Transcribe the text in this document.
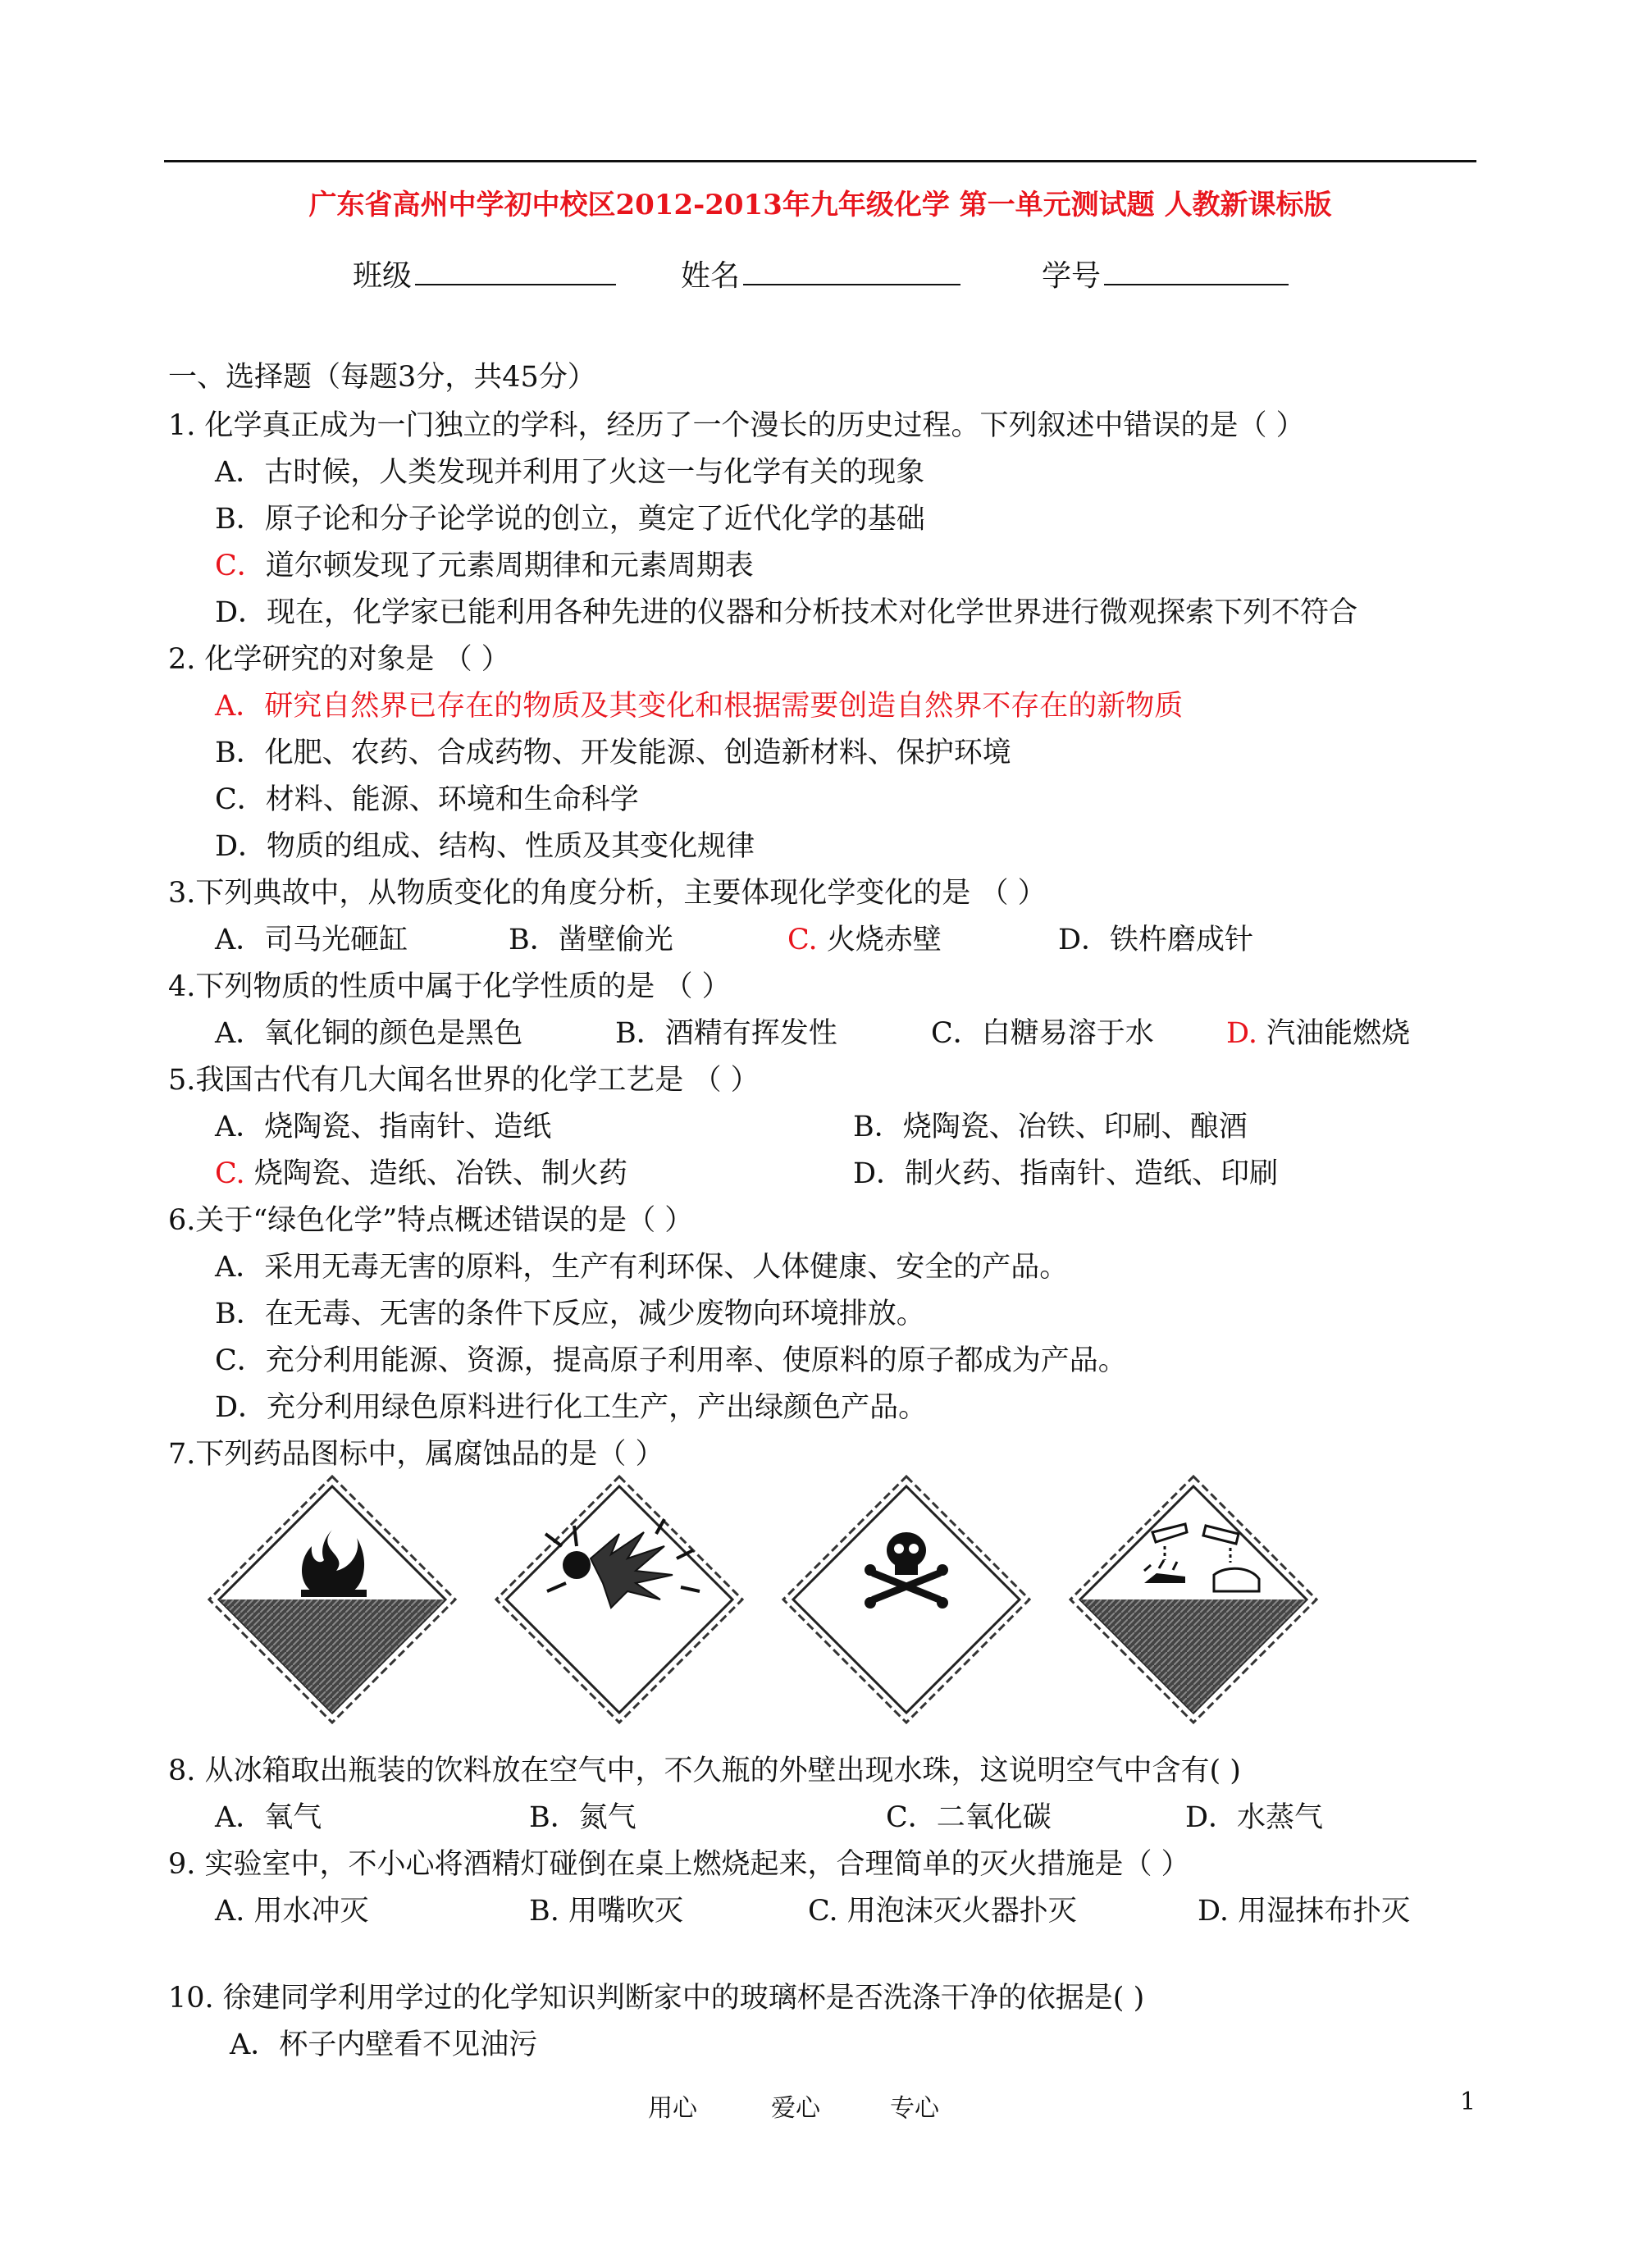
广东省高州中学初中校区2012-2013年九年级化学 第一单元测试题 人教新课标版
班级	姓名	学号
一、选择题（每题3分，共45分）
1. 化学真正成为一门独立的学科，经历了一个漫长的历史过程。下列叙述中错误的是（ ）
A．古时候，人类发现并利用了火这一与化学有关的现象
B．原子论和分子论学说的创立，奠定了近代化学的基础
C．道尔顿发现了元素周期律和元素周期表
D．现在，化学家已能利用各种先进的仪器和分析技术对化学世界进行微观探索下列不符合
2. 化学研究的对象是 （ ）
A．研究自然界已存在的物质及其变化和根据需要创造自然界不存在的新物质
B．化肥、农药、合成药物、开发能源、创造新材料、保护环境
C．材料、能源、环境和生命科学
D．物质的组成、结构、性质及其变化规律
3.下列典故中，从物质变化的角度分析，主要体现化学变化的是 （ ）
A．司马光砸缸	B．凿壁偷光	C. 火烧赤壁	D．铁杵磨成针
4.下列物质的性质中属于化学性质的是 （ ）
A．氧化铜的颜色是黑色	B．酒精有挥发性	C．白糖易溶于水	D. 汽油能燃烧
5.我国古代有几大闻名世界的化学工艺是 （ ）
A．烧陶瓷、指南针、造纸	B．烧陶瓷、冶铁、印刷、酿酒
C. 烧陶瓷、造纸、冶铁、制火药	D．制火药、指南针、造纸、印刷
6.关于“绿色化学”特点概述错误的是（ ）
A．采用无毒无害的原料，生产有利环保、人体健康、安全的产品。
B．在无毒、无害的条件下反应，减少废物向环境排放。
C．充分利用能源、资源，提高原子利用率、使原料的原子都成为产品。
D．充分利用绿色原料进行化工生产，产出绿颜色产品。
7.下列药品图标中，属腐蚀品的是（ ）
8. 从冰箱取出瓶装的饮料放在空气中，不久瓶的外壁出现水珠，这说明空气中含有( )
A．氧气	B．氮气	C．二氧化碳	D．水蒸气
9. 实验室中，不小心将酒精灯碰倒在桌上燃烧起来，合理简单的灭火措施是（ ）
A. 用水冲灭	B. 用嘴吹灭	C. 用泡沫灭火器扑灭	D. 用湿抹布扑灭
10. 徐建同学利用学过的化学知识判断家中的玻璃杯是否洗涤干净的依据是( )
A．杯子内壁看不见油污
用心	爱心	专心	1
